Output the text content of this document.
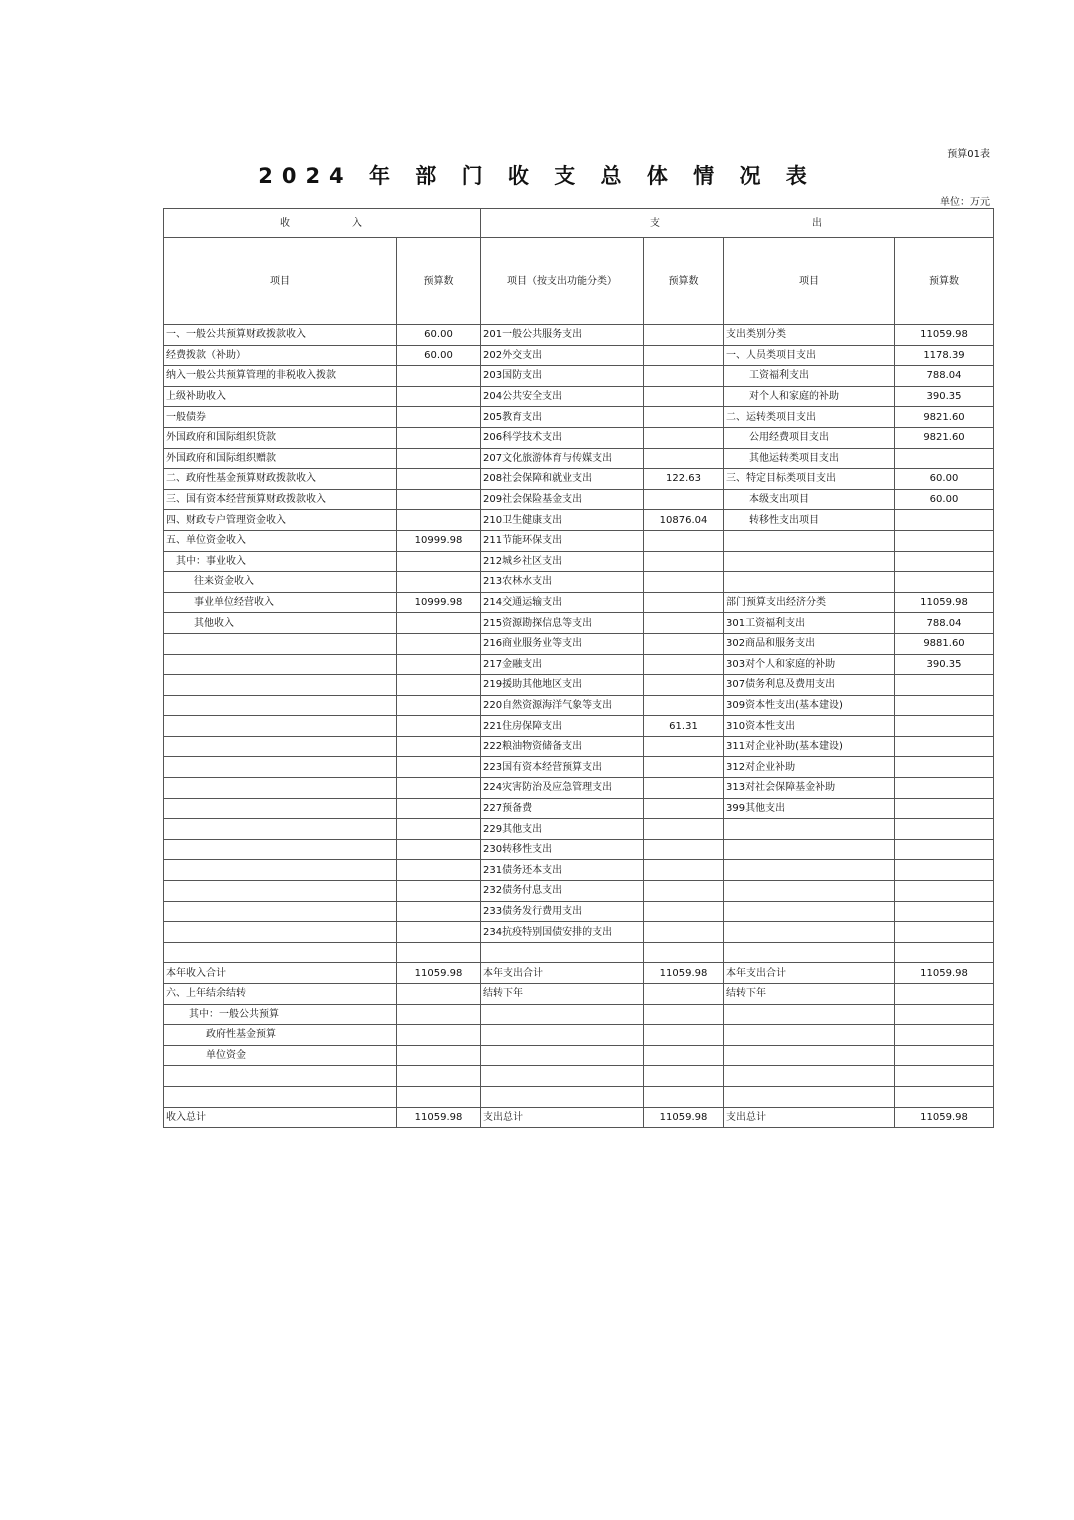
预算01表
2024 年 部 门 收 支 总 体 情 况 表
单位：万元
收 入		支 出			
项目	预算数	项目（按支出功能分类）	预算数	项目	预算数
一、一般公共预算财政拨款收入	60.00	201一般公共服务支出		支出类别分类	11059.98
经费拨款（补助）	60.00	202外交支出		一、人员类项目支出	1178.39
纳入一般公共预算管理的非税收入拨款		203国防支出		工资福利支出	788.04
上级补助收入		204公共安全支出		对个人和家庭的补助	390.35
一般债券		205教育支出		二、运转类项目支出	9821.60
外国政府和国际组织贷款		206科学技术支出		公用经费项目支出	9821.60
外国政府和国际组织赠款		207文化旅游体育与传媒支出		其他运转类项目支出	
二、政府性基金预算财政拨款收入		208社会保障和就业支出	122.63	三、特定目标类项目支出	60.00
三、国有资本经营预算财政拨款收入		209社会保险基金支出		本级支出项目	60.00
四、财政专户管理资金收入		210卫生健康支出	10876.04	转移性支出项目	
五、单位资金收入	10999.98	211节能环保支出			
其中：事业收入		212城乡社区支出			
往来资金收入		213农林水支出			
事业单位经营收入	10999.98	214交通运输支出		部门预算支出经济分类	11059.98
其他收入		215资源勘探信息等支出		301工资福利支出	788.04
		216商业服务业等支出		302商品和服务支出	9881.60
		217金融支出		303对个人和家庭的补助	390.35
		219援助其他地区支出		307债务利息及费用支出	
		220自然资源海洋气象等支出		309资本性支出(基本建设)	
		221住房保障支出	61.31	310资本性支出	
		222粮油物资储备支出		311对企业补助(基本建设)	
		223国有资本经营预算支出		312对企业补助	
		224灾害防治及应急管理支出		313对社会保障基金补助	
		227预备费		399其他支出	
		229其他支出			
		230转移性支出			
		231债务还本支出			
		232债务付息支出			
		233债务发行费用支出			
		234抗疫特别国债安排的支出			

本年收入合计	11059.98	本年支出合计	11059.98	本年支出合计	11059.98
六、上年结余结转		结转下年		结转下年	
其中：一般公共预算					
政府性基金预算					
单位资金					

收入总计	11059.98	支出总计	11059.98	支出总计	11059.98
